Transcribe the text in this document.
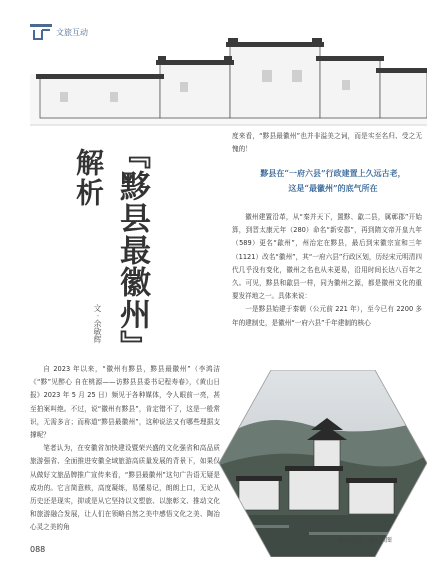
文旅互动
解析 『黟县最徽州』
文 · 余敏辉
度来看，“黟县最徽州”也并非溢美之词，而是实至名归、受之无愧的！
黟县在“一府六县”行政建置上久远古老，
这是“最徽州”的底气所在

徽州建置沿革，从“秦并天下，置黟、歙二县，属鄣郡”开始算，到晋太康元年（280）命名“新安郡”，再到隋文帝开皇九年（589）更名“歙州”，州治定在黟县，最后到宋徽宗宣和三年（1121）改名“徽州”，其“一府六县”行政区划，历经宋元明清四代几乎没有变化，徽州之名也从未更易，沿用时间长达八百年之久。可见，黟县和歙县一样，同为徽州之源，都是徽州文化的重要发祥地之一。具体来说：

一是黟县始建于秦朝（公元前 221 年），至今已有 2200 多年的建制史，是徽州“一府六县”千年建制的核心

自 2023 年以来，“徽州有黟县，黟县最徽州”（李鸿洁《“黟”见醉心 自在桃源——访黟县县委书记程寿春》，《黄山日报》2023 年 5 月 25 日）频见于各种媒体，令人眼前一亮，甚至拍案叫绝。不过，说“徽州有黟县”，肯定错不了，这是一般常识，无需多言；而称道“黟县最徽州”，这种说法又有哪些理据支撑呢？

笔者认为，在安徽省加快建设暨荣兴盛的文化强省和高品质旅游强省、全面推进安徽全域旅游高质量发展的背景下，如果仅从做好文旅品牌推广宣传来看，“黟县最徽州”这句广告语无疑是成功的。它言简意赅，高度凝练，易懂易记，朗朗上口，无论从历史还是现实，抑或是从它坚持以文塑旅、以旅彰文、推动文化和旅游融合发展，让人们在领略自然之美中感悟文化之美、陶冶心灵之美的角

黟县古韵 | 郑大供图
088
